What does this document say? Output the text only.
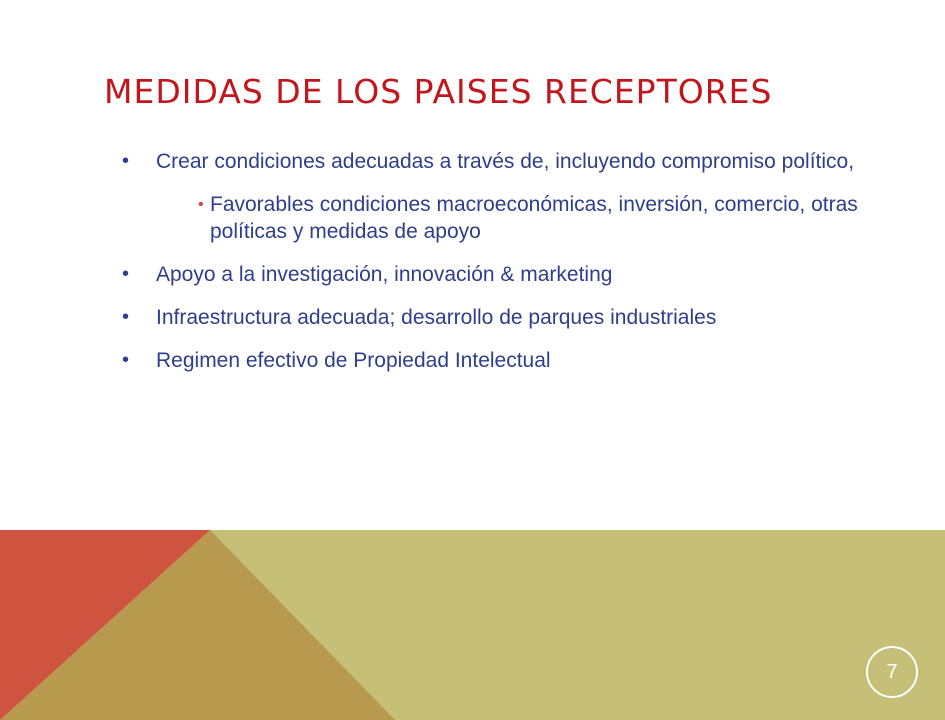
MEDIDAS DE LOS PAISES RECEPTORES
• Crear condiciones adecuadas a través de, incluyendo compromiso político,
• Favorables condiciones macroeconómicas, inversión, comercio, otras políticas y medidas de apoyo
• Apoyo a la investigación, innovación & marketing
• Infraestructura adecuada; desarrollo de parques industriales
• Regimen efectivo de Propiedad Intelectual
7
